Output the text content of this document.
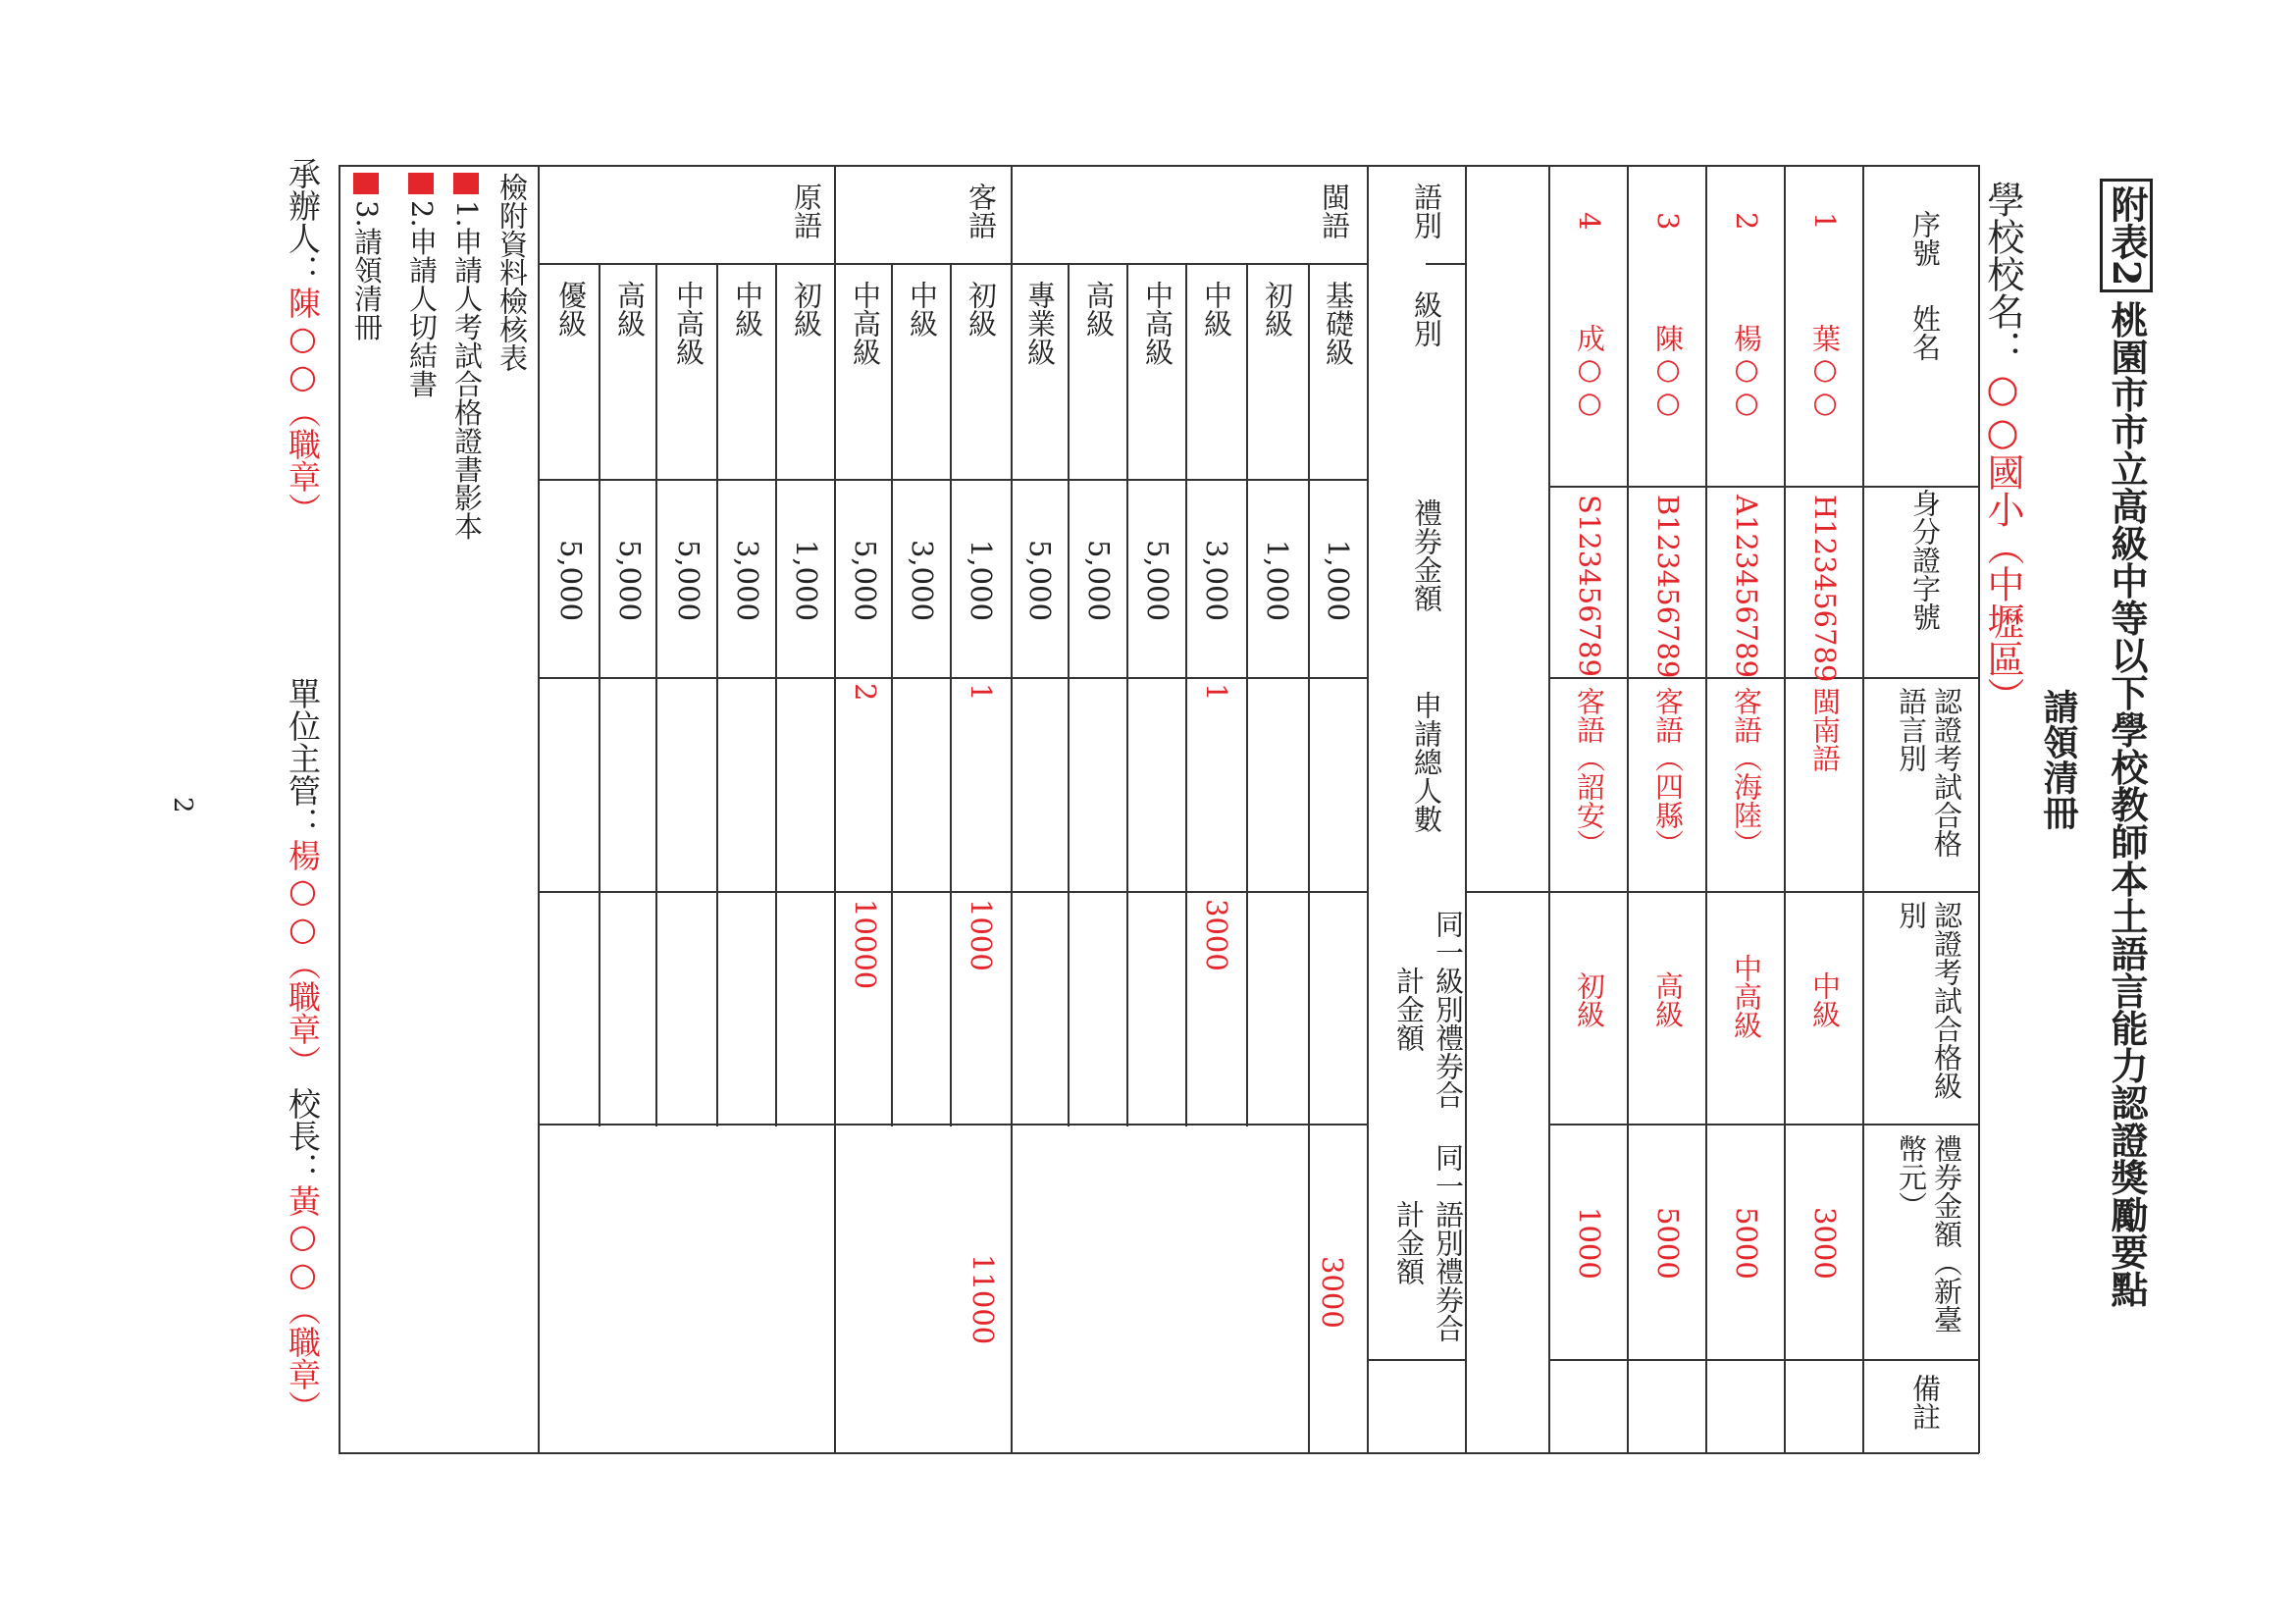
附表2桃園市市立高級中等以下學校教師本土語言能力認證獎勵要點
請領清冊
學校校名：○○國小（中壢區）
序號
姓名
身分證字號
認證考試合格語言別
認證考試合格級別
禮券金額（新臺幣元）
備註
1
葉○○
H123456789
閩南語
中級
3000
2
楊○○
A123456789
客語（海陸）
中高級
5000
3
陳○○
B123456789
客語（四縣）
高級
5000
4
成○○
S123456789
客語（詔安）
初級
1000
語別
級別
禮券金額
申請總人數
同一級別禮券合計金額
同一語別禮券合計金額
閩語
3000
基礎級
1,000
初級
1,000
中級
3,000
1
3000
中高級
5,000
高級
5,000
專業級
5,000
客語
11000
初級
1,000
1
1000
中級
3,000
中高級
5,000
2
10000
原語
初級
1,000
中級
3,000
中高級
5,000
高級
5,000
優級
5,000
檢附資料檢核表
1.申請人考試合格證書影本
2.申請人切結書
3.請領清冊
承辦人：陳○○（職章）
單位主管：楊○○（職章）
校長：黃○○（職章）
2
